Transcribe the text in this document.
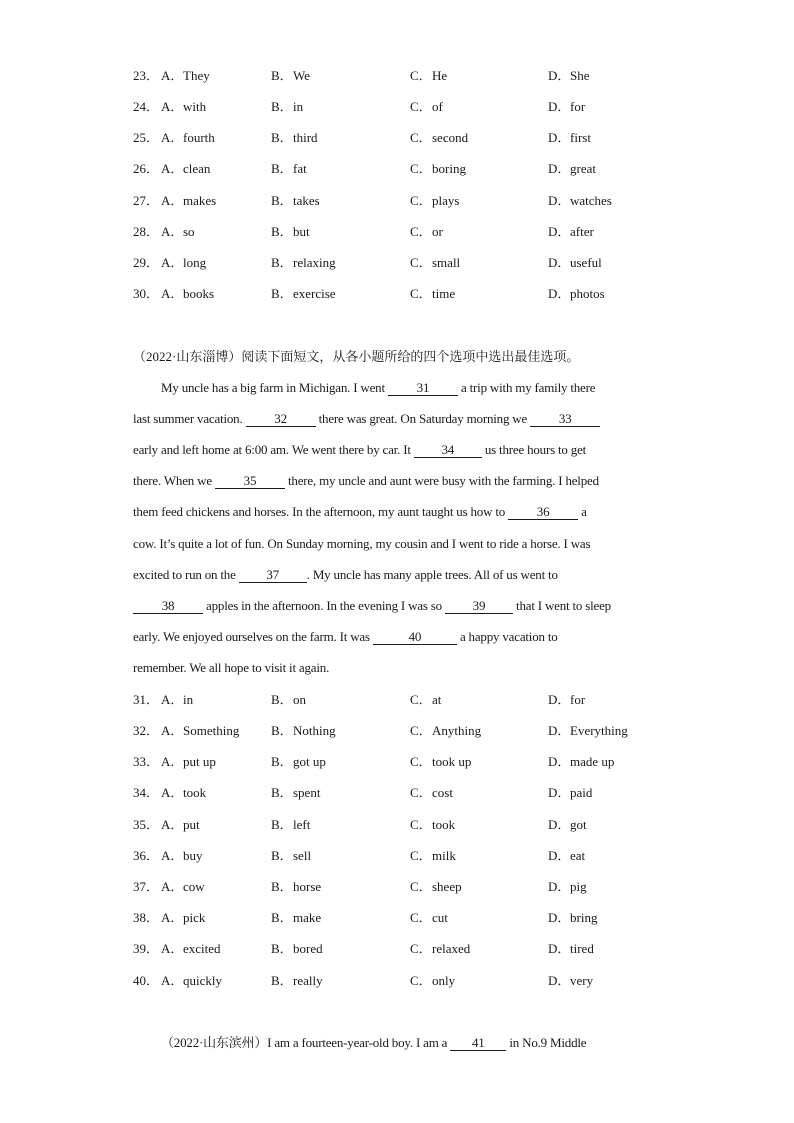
23． A．They	B．We	C．He	D．She
24． A．with	B．in	C．of	D．for
25． A．fourth	B．third	C．second	D．first
26． A．clean	B．fat	C．boring	D．great
27． A．makes	B．takes	C．plays	D．watches
28． A．so	B．but	C．or	D．after
29． A．long	B．relaxing	C．small	D．useful
30． A．books	B．exercise	C．time	D．photos
（2022·山东淄博）阅读下面短文，从各小题所给的四个选项中选出最佳选项。
My uncle has a big farm in Michigan. I went 31 a trip with my family there
last summer vacation. 32 there was great. On Saturday morning we 33
early and left home at 6:00 am. We went there by car. It 34 us three hours to get
there. When we 35 there, my uncle and aunt were busy with the farming. I helped
them feed chickens and horses. In the afternoon, my aunt taught us how to 36 a
cow. It’s quite a lot of fun. On Sunday morning, my cousin and I went to ride a horse. I was
excited to run on the 37 . My uncle has many apple trees. All of us went to
38 apples in the afternoon. In the evening I was so 39 that I went to sleep
early. We enjoyed ourselves on the farm. It was	40	a happy vacation to
remember. We all hope to visit it again.
31． A．in	B．on	C．at	D．for
32． A．Something B．Nothing	C．Anything	D．Everything
33． A．put up	B．got up	C．took up	D．made up
34． A．took	B．spent	C．cost	D．paid
35． A．put	B．left	C．took	D．got
36． A．buy	B．sell	C．milk	D．eat
37． A．cow	B．horse	C．sheep	D．pig
38． A．pick	B．make	C．cut	D．bring
39． A．excited	B．bored	C．relaxed	D．tired
40． A．quickly	B．really	C．only	D．very
（2022·山东滨州）I am a fourteen-year-old boy. I am a 41 in No.9 Middle
